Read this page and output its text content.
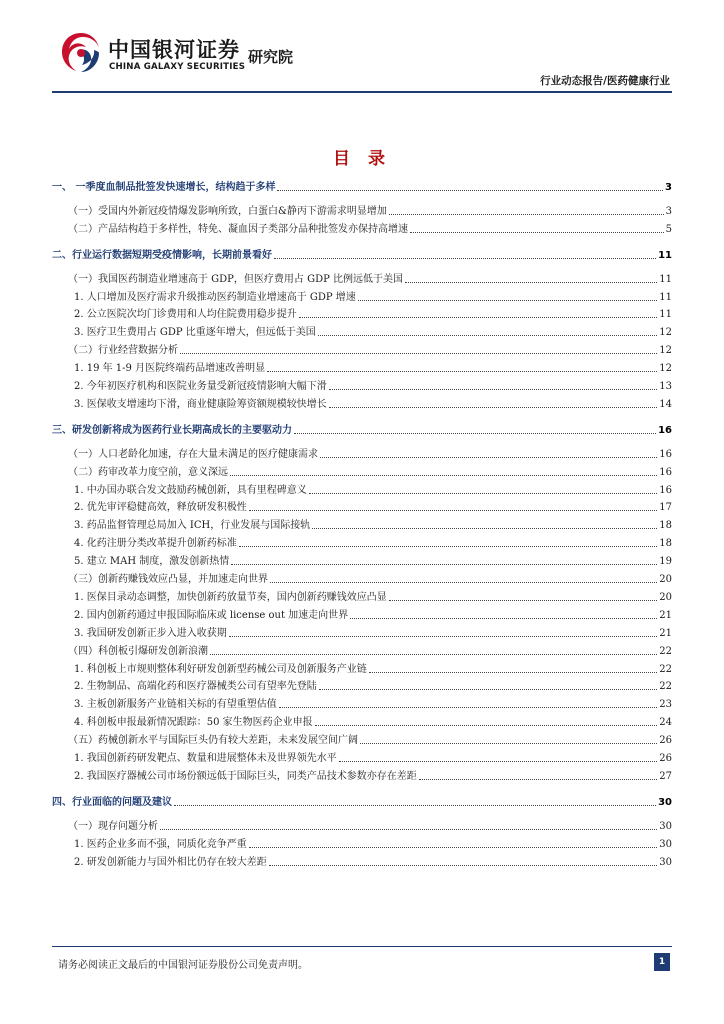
中国银河证券
CHINA GALAXY SECURITIES
研究院
行业动态报告/医药健康行业
目 录
一、 一季度血制品批签发快速增长，结构趋于多样	3
（一）受国内外新冠疫情爆发影响所致，白蛋白&静丙下游需求明显增加	3
（二）产品结构趋于多样性，特免、凝血因子类部分品种批签发亦保持高增速	5
二、行业运行数据短期受疫情影响，长期前景看好	11
（一）我国医药制造业增速高于 GDP，但医疗费用占 GDP 比例远低于美国	11
1. 人口增加及医疗需求升级推动医药制造业增速高于 GDP 增速	11
2. 公立医院次均门诊费用和人均住院费用稳步提升	11
3. 医疗卫生费用占 GDP 比重逐年增大，但远低于美国	12
（二）行业经营数据分析	12
1. 19 年 1-9 月医院终端药品增速改善明显	12
2. 今年初医疗机构和医院业务量受新冠疫情影响大幅下滑	13
3. 医保收支增速均下滑，商业健康险筹资额规模较快增长	14
三、研发创新将成为医药行业长期高成长的主要驱动力	16
（一）人口老龄化加速，存在大量未满足的医疗健康需求	16
（二）药审改革力度空前，意义深远	16
1. 中办国办联合发文鼓励药械创新，具有里程碑意义	16
2. 优先审评稳健高效，释放研发积极性	17
3. 药品监督管理总局加入 ICH，行业发展与国际接轨	18
4. 化药注册分类改革提升创新药标准	18
5. 建立 MAH 制度，激发创新热情	19
（三）创新药赚钱效应凸显，并加速走向世界	20
1. 医保目录动态调整，加快创新药放量节奏，国内创新药赚钱效应凸显	20
2. 国内创新药通过申报国际临床或 license out 加速走向世界	21
3. 我国研发创新正步入进入收获期	21
（四）科创板引爆研发创新浪潮	22
1. 科创板上市规则整体利好研发创新型药械公司及创新服务产业链	22
2. 生物制品、高端化药和医疗器械类公司有望率先登陆	22
3. 主板创新服务产业链相关标的有望重塑估值	23
4. 科创板申报最新情况跟踪：50 家生物医药企业申报	24
（五）药械创新水平与国际巨头仍有较大差距，未来发展空间广阔	26
1. 我国创新药研发靶点、数量和进展整体未及世界领先水平	26
2. 我国医疗器械公司市场份额远低于国际巨头，同类产品技术参数亦存在差距	27
四、行业面临的问题及建议	30
（一）现存问题分析	30
1. 医药企业多而不强，同质化竞争严重	30
2. 研发创新能力与国外相比仍存在较大差距	30
请务必阅读正文最后的中国银河证券股份公司免责声明。	1
